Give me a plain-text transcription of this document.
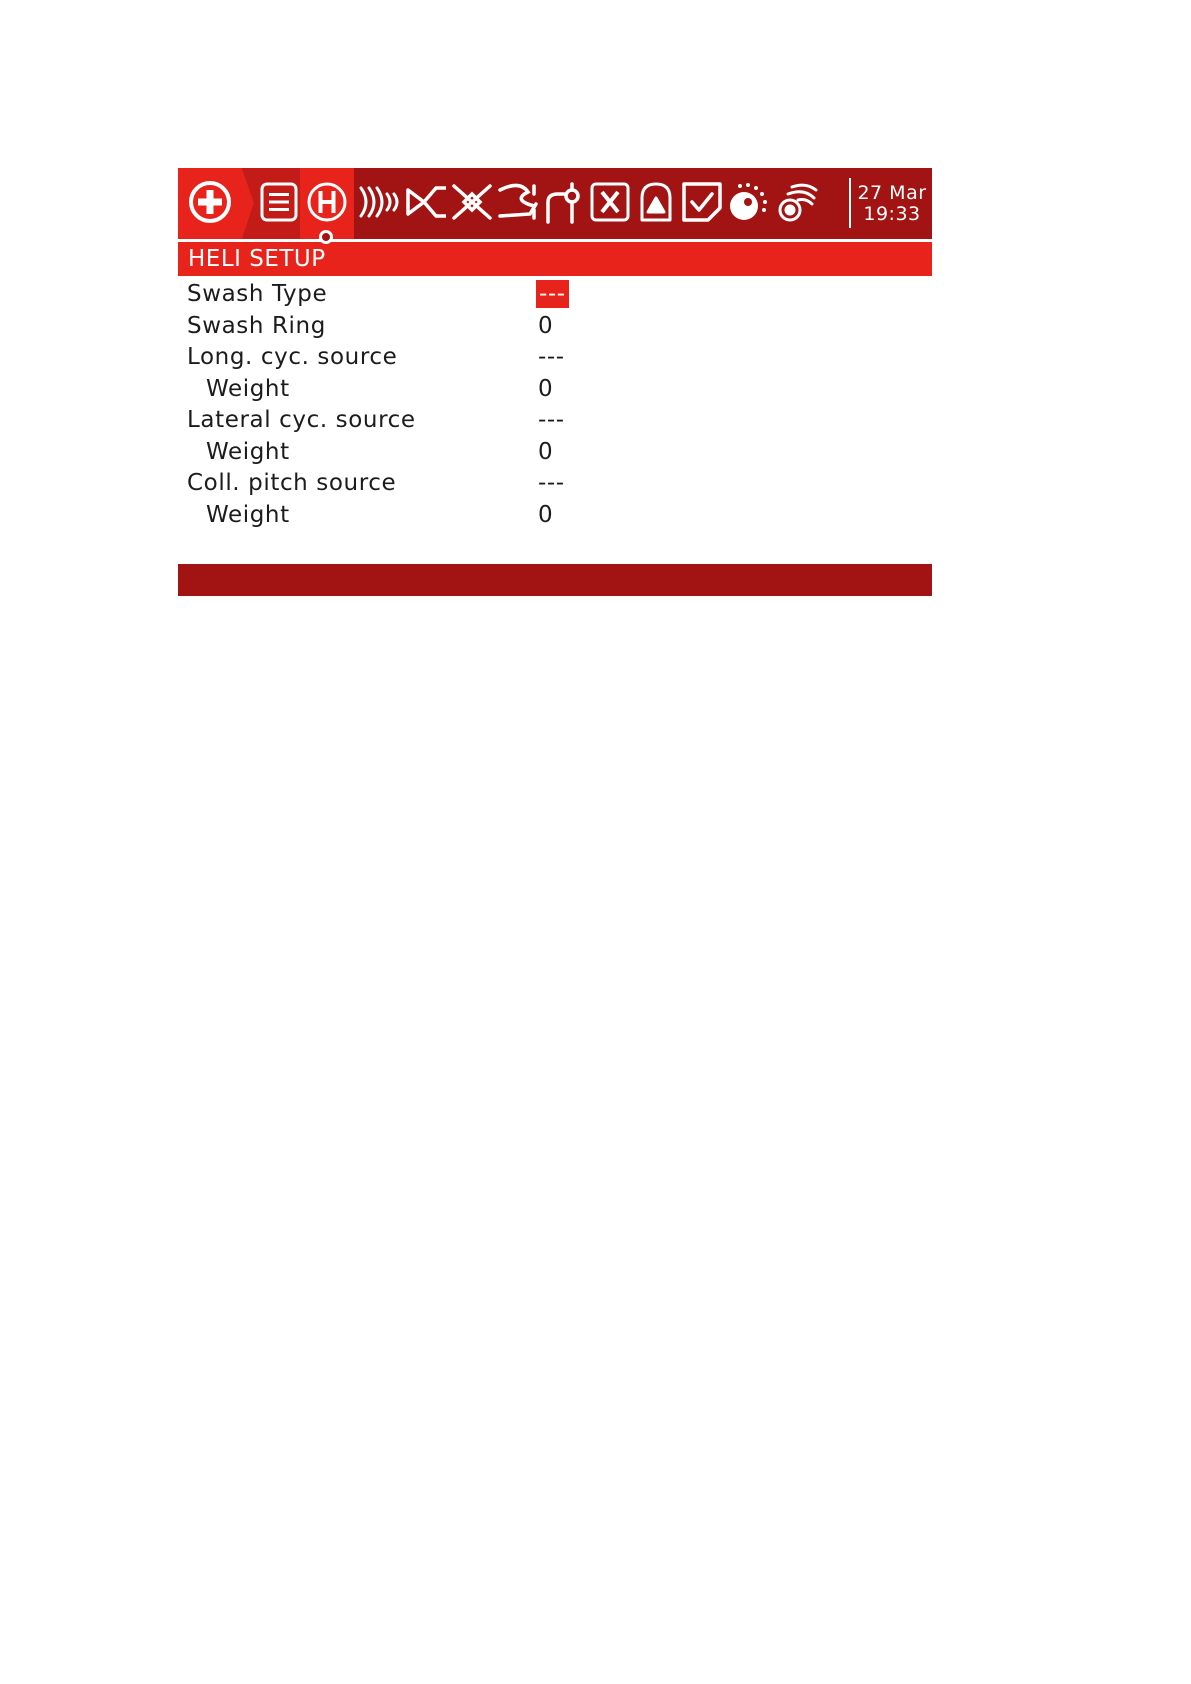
27 Mar
19:33
HELI SETUP
Swash Type	---
Swash Ring	0
Long. cyc. source	---
Weight	0
Lateral cyc. source	---
Weight	0
Coll. pitch source	---
Weight	0
